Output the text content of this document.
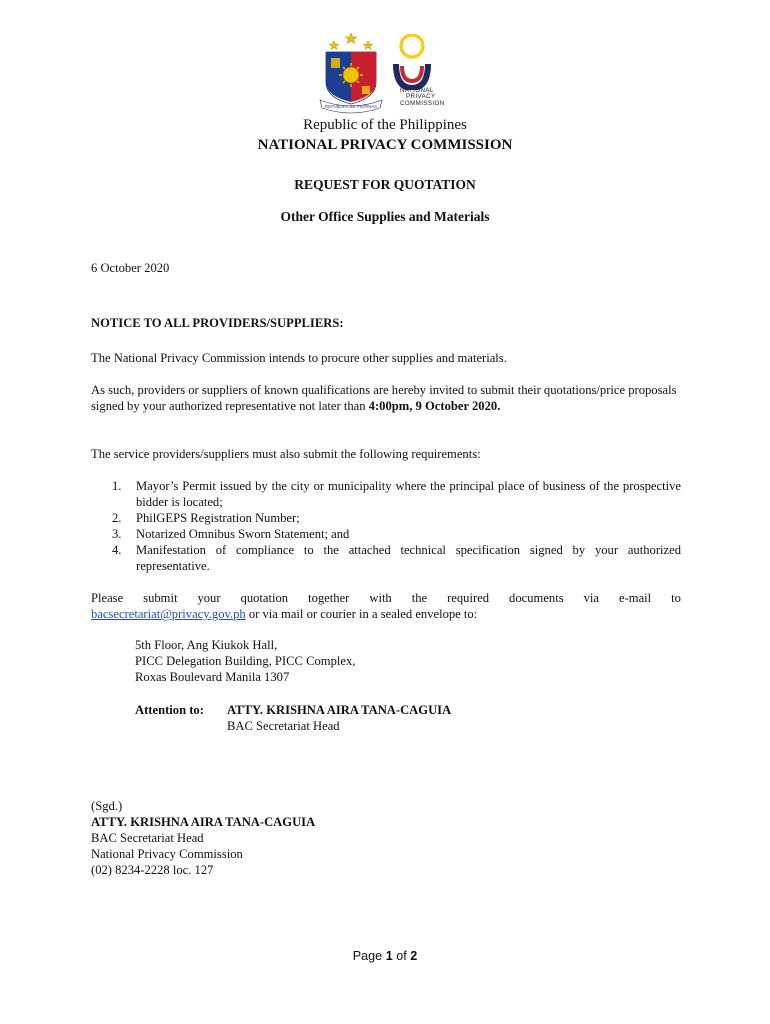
REPUBLIKA NG PILIPINAS
NATIONAL
PRIVACY
COMMISSION
Republic of the Philippines
NATIONAL PRIVACY COMMISSION
REQUEST FOR QUOTATION
Other Office Supplies and Materials
6 October 2020
NOTICE TO ALL PROVIDERS/SUPPLIERS:
The National Privacy Commission intends to procure other supplies and materials.
As such, providers or suppliers of known qualifications are hereby invited to submit their quotations/price proposals signed by your authorized representative not later than 4:00pm, 9 October 2020.
The service providers/suppliers must also submit the following requirements:
1. Mayor’s Permit issued by the city or municipality where the principal place of business of the prospective bidder is located;
2. PhilGEPS Registration Number;
3. Notarized Omnibus Sworn Statement; and
4. Manifestation of compliance to the attached technical specification signed by your authorized representative.
Please submit your quotation together with the required documents via e-mail to
bacsecretariat@privacy.gov.ph or via mail or courier in a sealed envelope to:
5th Floor, Ang Kiukok Hall,
PICC Delegation Building, PICC Complex,
Roxas Boulevard Manila 1307
Attention to: ATTY. KRISHNA AIRA TANA-CAGUIA
BAC Secretariat Head
(Sgd.)
ATTY. KRISHNA AIRA TANA-CAGUIA
BAC Secretariat Head
National Privacy Commission
(02) 8234-2228 loc. 127
Page 1 of 2
